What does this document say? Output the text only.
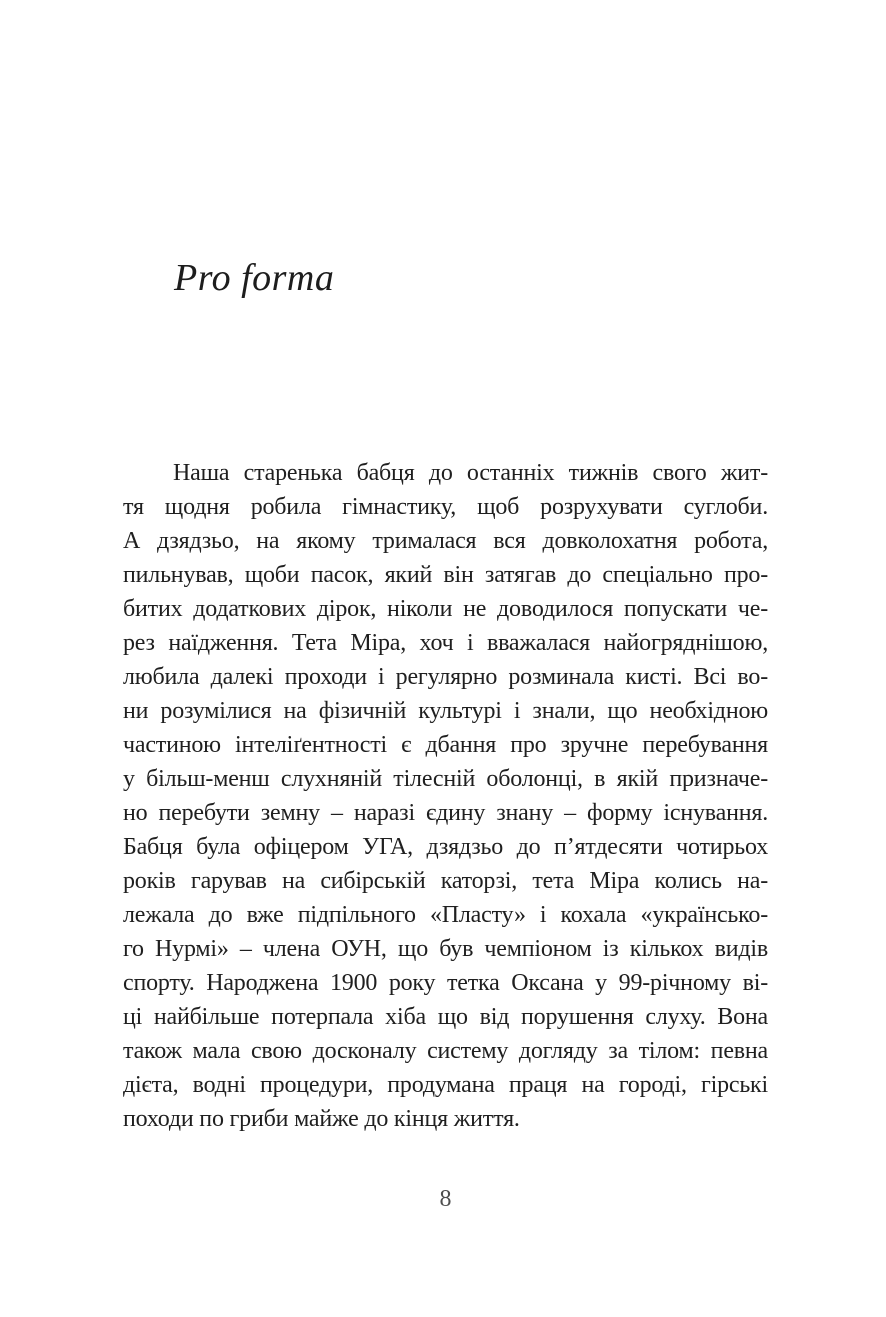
Pro forma
Наша старенька бабця до останніх тижнів свого жит-
тя щодня робила гімнастику, щоб розрухувати суглоби.
А дзядзьо, на якому трималася вся довколохатня робота,
пильнував, щоби пасок, який він затягав до спеціально про-
битих додаткових дірок, ніколи не доводилося попускати че-
рез наїдження. Тета Міра, хоч і вважалася найогряднішою,
любила далекі проходи і регулярно розминала кисті. Всі во-
ни розумілися на фізичній культурі і знали, що необхідною
частиною інтеліґентності є дбання про зручне перебування
у більш-менш слухняній тілесній оболонці, в якій призначе-
но перебути земну – наразі єдину знану – форму існування.
Бабця була офіцером УГА, дзядзьо до п’ятдесяти чотирьох
років гарував на сибірській каторзі, тета Міра колись на-
лежала до вже підпільного «Пласту» і кохала «українсько-
го Нурмі» – члена ОУН, що був чемпіоном із кількох видів
спорту. Народжена 1900 року тетка Оксана у 99-річному ві-
ці найбільше потерпала хіба що від порушення слуху. Вона
також мала свою досконалу систему догляду за тілом: певна
дієта, водні процедури, продумана праця на городі, гірські
походи по гриби майже до кінця життя.
8
